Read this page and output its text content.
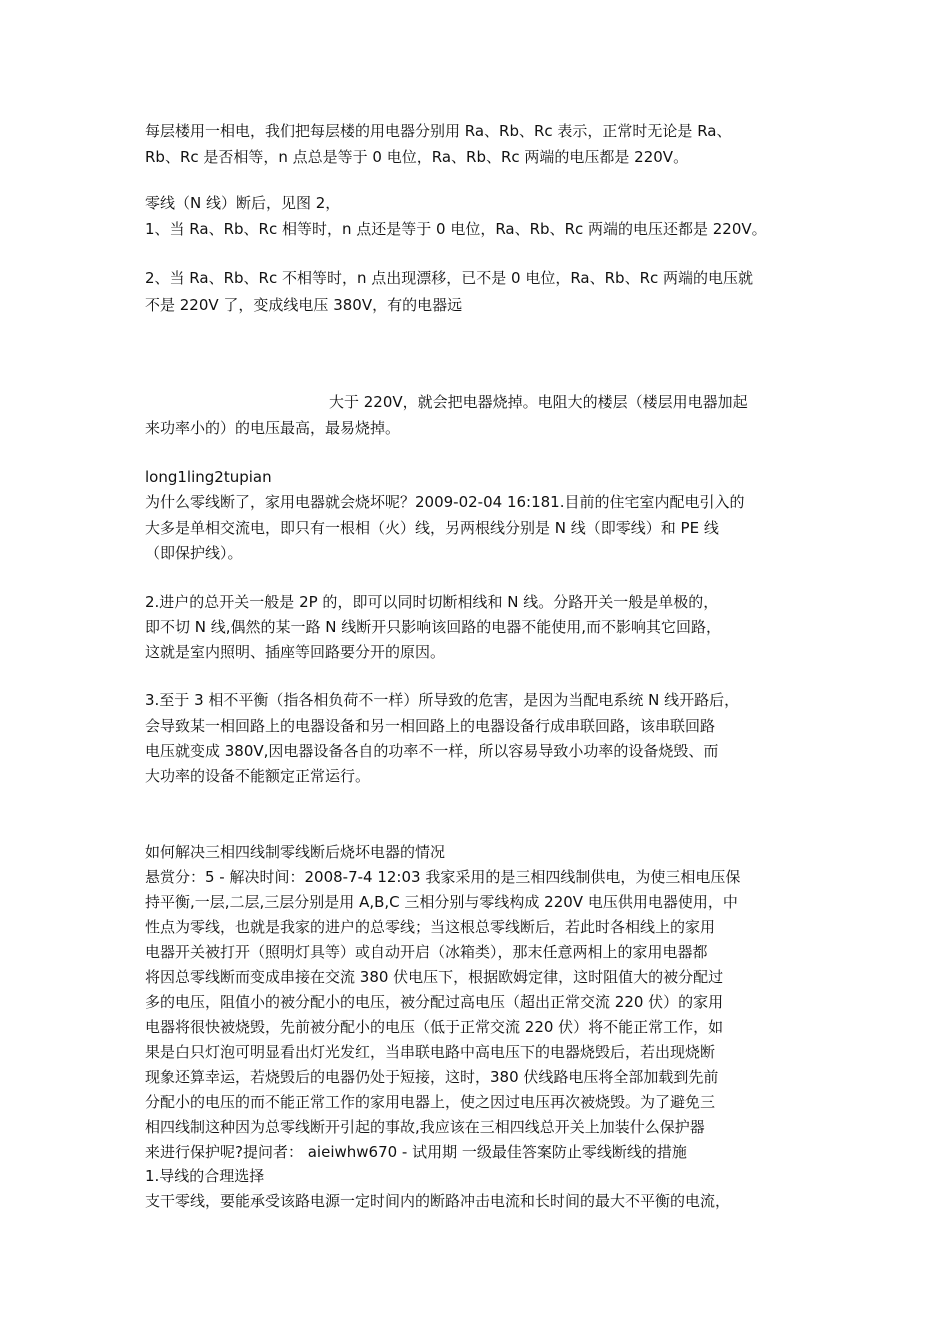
每层楼用一相电，我们把每层楼的用电器分别用 Ra、Rb、Rc 表示，正常时无论是 Ra、
Rb、Rc 是否相等，n 点总是等于 0 电位，Ra、Rb、Rc 两端的电压都是 220V。
零线（N 线）断后，见图 2，
1、当 Ra、Rb、Rc 相等时，n 点还是等于 0 电位，Ra、Rb、Rc 两端的电压还都是 220V。
2、当 Ra、Rb、Rc 不相等时，n 点出现漂移，已不是 0 电位，Ra、Rb、Rc 两端的电压就
不是 220V 了，变成线电压 380V，有的电器远
大于 220V，就会把电器烧掉。电阻大的楼层（楼层用电器加起
来功率小的）的电压最高，最易烧掉。
long1ling2tupian
为什么零线断了，家用电器就会烧坏呢？2009-02-04 16:181.目前的住宅室内配电引入的
大多是单相交流电，即只有一根相（火）线，另两根线分别是 N 线（即零线）和 PE 线
（即保护线）。
2.进户的总开关一般是 2P 的，即可以同时切断相线和 N 线。分路开关一般是单极的，
即不切 N 线,偶然的某一路 N 线断开只影响该回路的电器不能使用,而不影响其它回路，
这就是室内照明、插座等回路要分开的原因。
3.至于 3 相不平衡（指各相负荷不一样）所导致的危害，是因为当配电系统 N 线开路后，
会导致某一相回路上的电器设备和另一相回路上的电器设备行成串联回路，该串联回路
电压就变成 380V,因电器设备各自的功率不一样，所以容易导致小功率的设备烧毁、而
大功率的设备不能额定正常运行。
如何解决三相四线制零线断后烧坏电器的情况
悬赏分：5 - 解决时间：2008-7-4 12:03 我家采用的是三相四线制供电，为使三相电压保
持平衡,一层,二层,三层分别是用 A,B,C 三相分别与零线构成 220V 电压供用电器使用，中
性点为零线，也就是我家的进户的总零线；当这根总零线断后，若此时各相线上的家用
电器开关被打开（照明灯具等）或自动开启（冰箱类），那末任意两相上的家用电器都
将因总零线断而变成串接在交流 380 伏电压下，根据欧姆定律，这时阻值大的被分配过
多的电压，阻值小的被分配小的电压，被分配过高电压（超出正常交流 220 伏）的家用
电器将很快被烧毁，先前被分配小的电压（低于正常交流 220 伏）将不能正常工作，如
果是白只灯泡可明显看出灯光发红，当串联电路中高电压下的电器烧毁后，若出现烧断
现象还算幸运，若烧毁后的电器仍处于短接，这时，380 伏线路电压将全部加载到先前
分配小的电压的而不能正常工作的家用电器上，使之因过电压再次被烧毁。为了避免三
相四线制这种因为总零线断开引起的事故,我应该在三相四线总开关上加装什么保护器
来进行保护呢?提问者： aieiwhw670 - 试用期 一级最佳答案防止零线断线的措施
1.导线的合理选择
支干零线，要能承受该路电源一定时间内的断路冲击电流和长时间的最大不平衡的电流，
